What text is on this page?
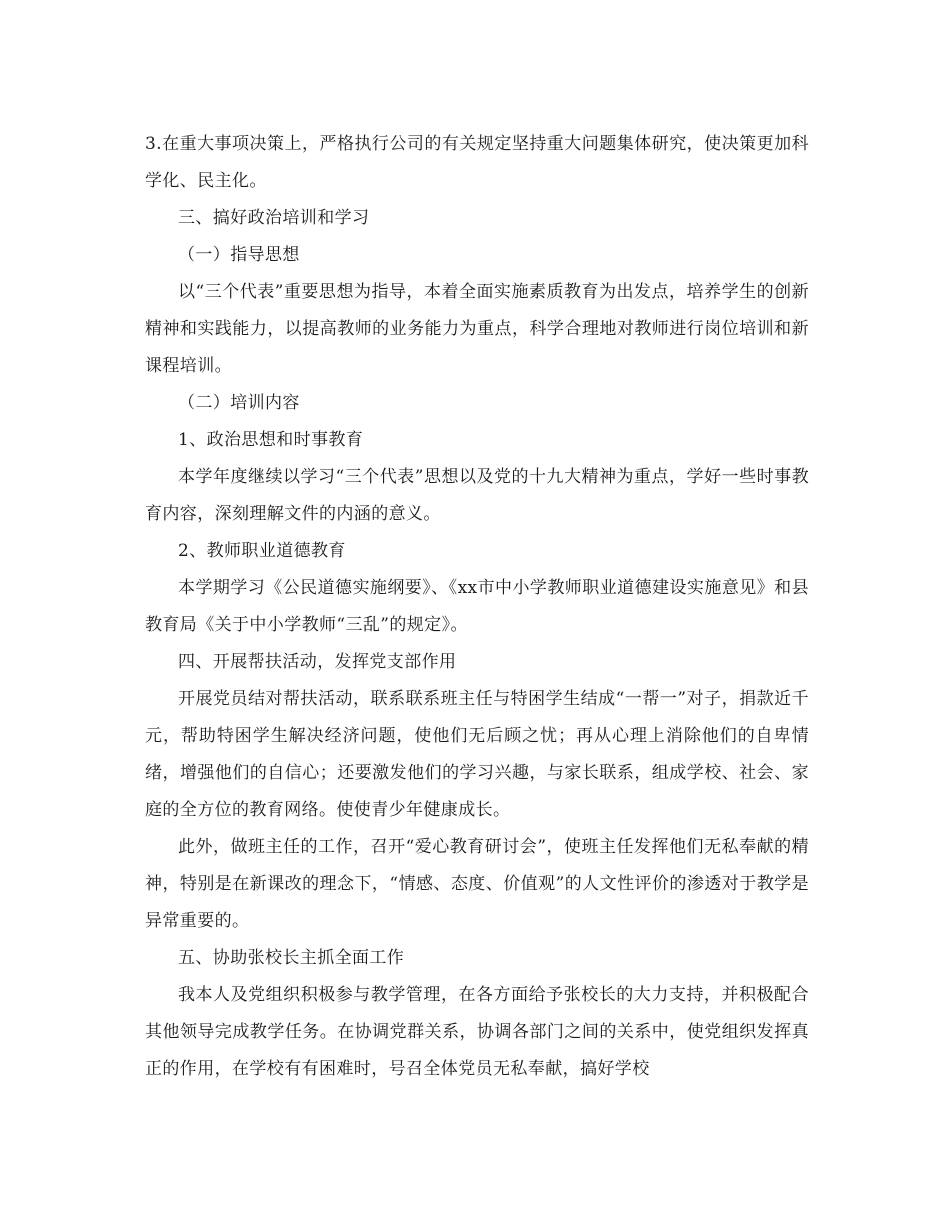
3.在重大事项决策上，严格执行公司的有关规定坚持重大问题集体研究，使决策更加科学化、民主化。

三、搞好政治培训和学习

（一）指导思想

以“三个代表”重要思想为指导，本着全面实施素质教育为出发点，培养学生的创新精神和实践能力，以提高教师的业务能力为重点，科学合理地对教师进行岗位培训和新课程培训。

（二）培训内容

1、政治思想和时事教育

本学年度继续以学习“三个代表”思想以及党的十九大精神为重点，学好一些时事教育内容，深刻理解文件的内涵的意义。

2、教师职业道德教育

本学期学习《公民道德实施纲要》、《xx市中小学教师职业道德建设实施意见》和县教育局《关于中小学教师“三乱”的规定》。

四、开展帮扶活动，发挥党支部作用

开展党员结对帮扶活动，联系联系班主任与特困学生结成“一帮一”对子，捐款近千元，帮助特困学生解决经济问题，使他们无后顾之忧；再从心理上消除他们的自卑情绪，增强他们的自信心；还要激发他们的学习兴趣，与家长联系，组成学校、社会、家庭的全方位的教育网络。使使青少年健康成长。

此外，做班主任的工作，召开“爱心教育研讨会”，使班主任发挥他们无私奉献的精神，特别是在新课改的理念下，“情感、态度、价值观”的人文性评价的渗透对于教学是异常重要的。

五、协助张校长主抓全面工作

我本人及党组织积极参与教学管理，在各方面给予张校长的大力支持，并积极配合其他领导完成教学任务。在协调党群关系，协调各部门之间的关系中，使党组织发挥真正的作用，在学校有有困难时，号召全体党员无私奉献，搞好学校
